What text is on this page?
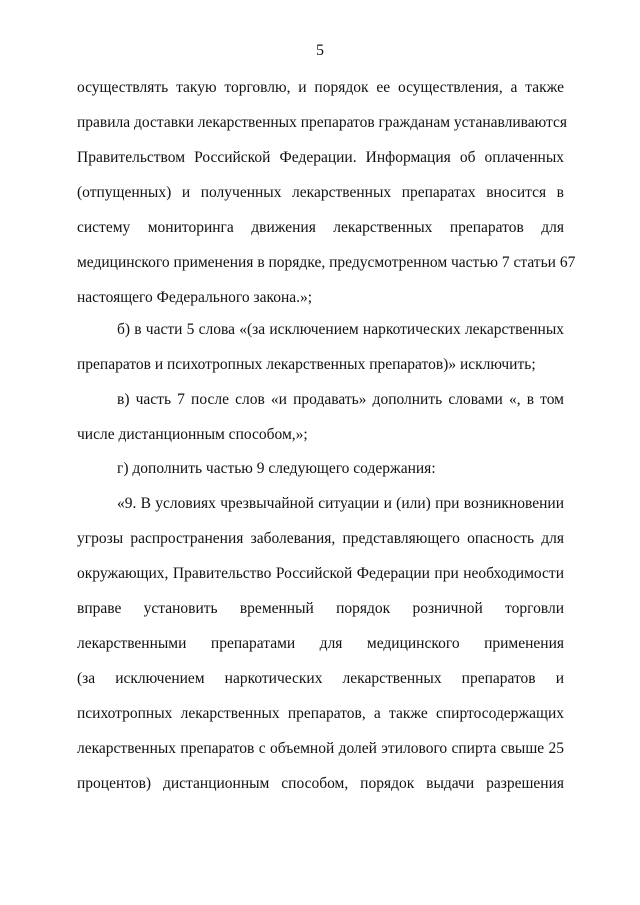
5
осуществлять такую торговлю, и порядок ее осуществления, а также
правила доставки лекарственных препаратов гражданам устанавливаются
Правительством Российской Федерации. Информация об оплаченных
(отпущенных) и полученных лекарственных препаратах вносится в
систему мониторинга движения лекарственных препаратов для
медицинского применения в порядке, предусмотренном частью 7 статьи 67
настоящего Федерального закона.»;
б) в части 5 слова «(за исключением наркотических лекарственных
препаратов и психотропных лекарственных препаратов)» исключить;
в) часть 7 после слов «и продавать» дополнить словами «, в том
числе дистанционным способом,»;
г) дополнить частью 9 следующего содержания:
«9. В условиях чрезвычайной ситуации и (или) при возникновении
угрозы распространения заболевания, представляющего опасность для
окружающих, Правительство Российской Федерации при необходимости
вправе установить временный порядок розничной торговли
лекарственными препаратами для медицинского применения
(за исключением наркотических лекарственных препаратов и
психотропных лекарственных препаратов, а также спиртосодержащих
лекарственных препаратов с объемной долей этилового спирта свыше 25
процентов) дистанционным способом, порядок выдачи разрешения
